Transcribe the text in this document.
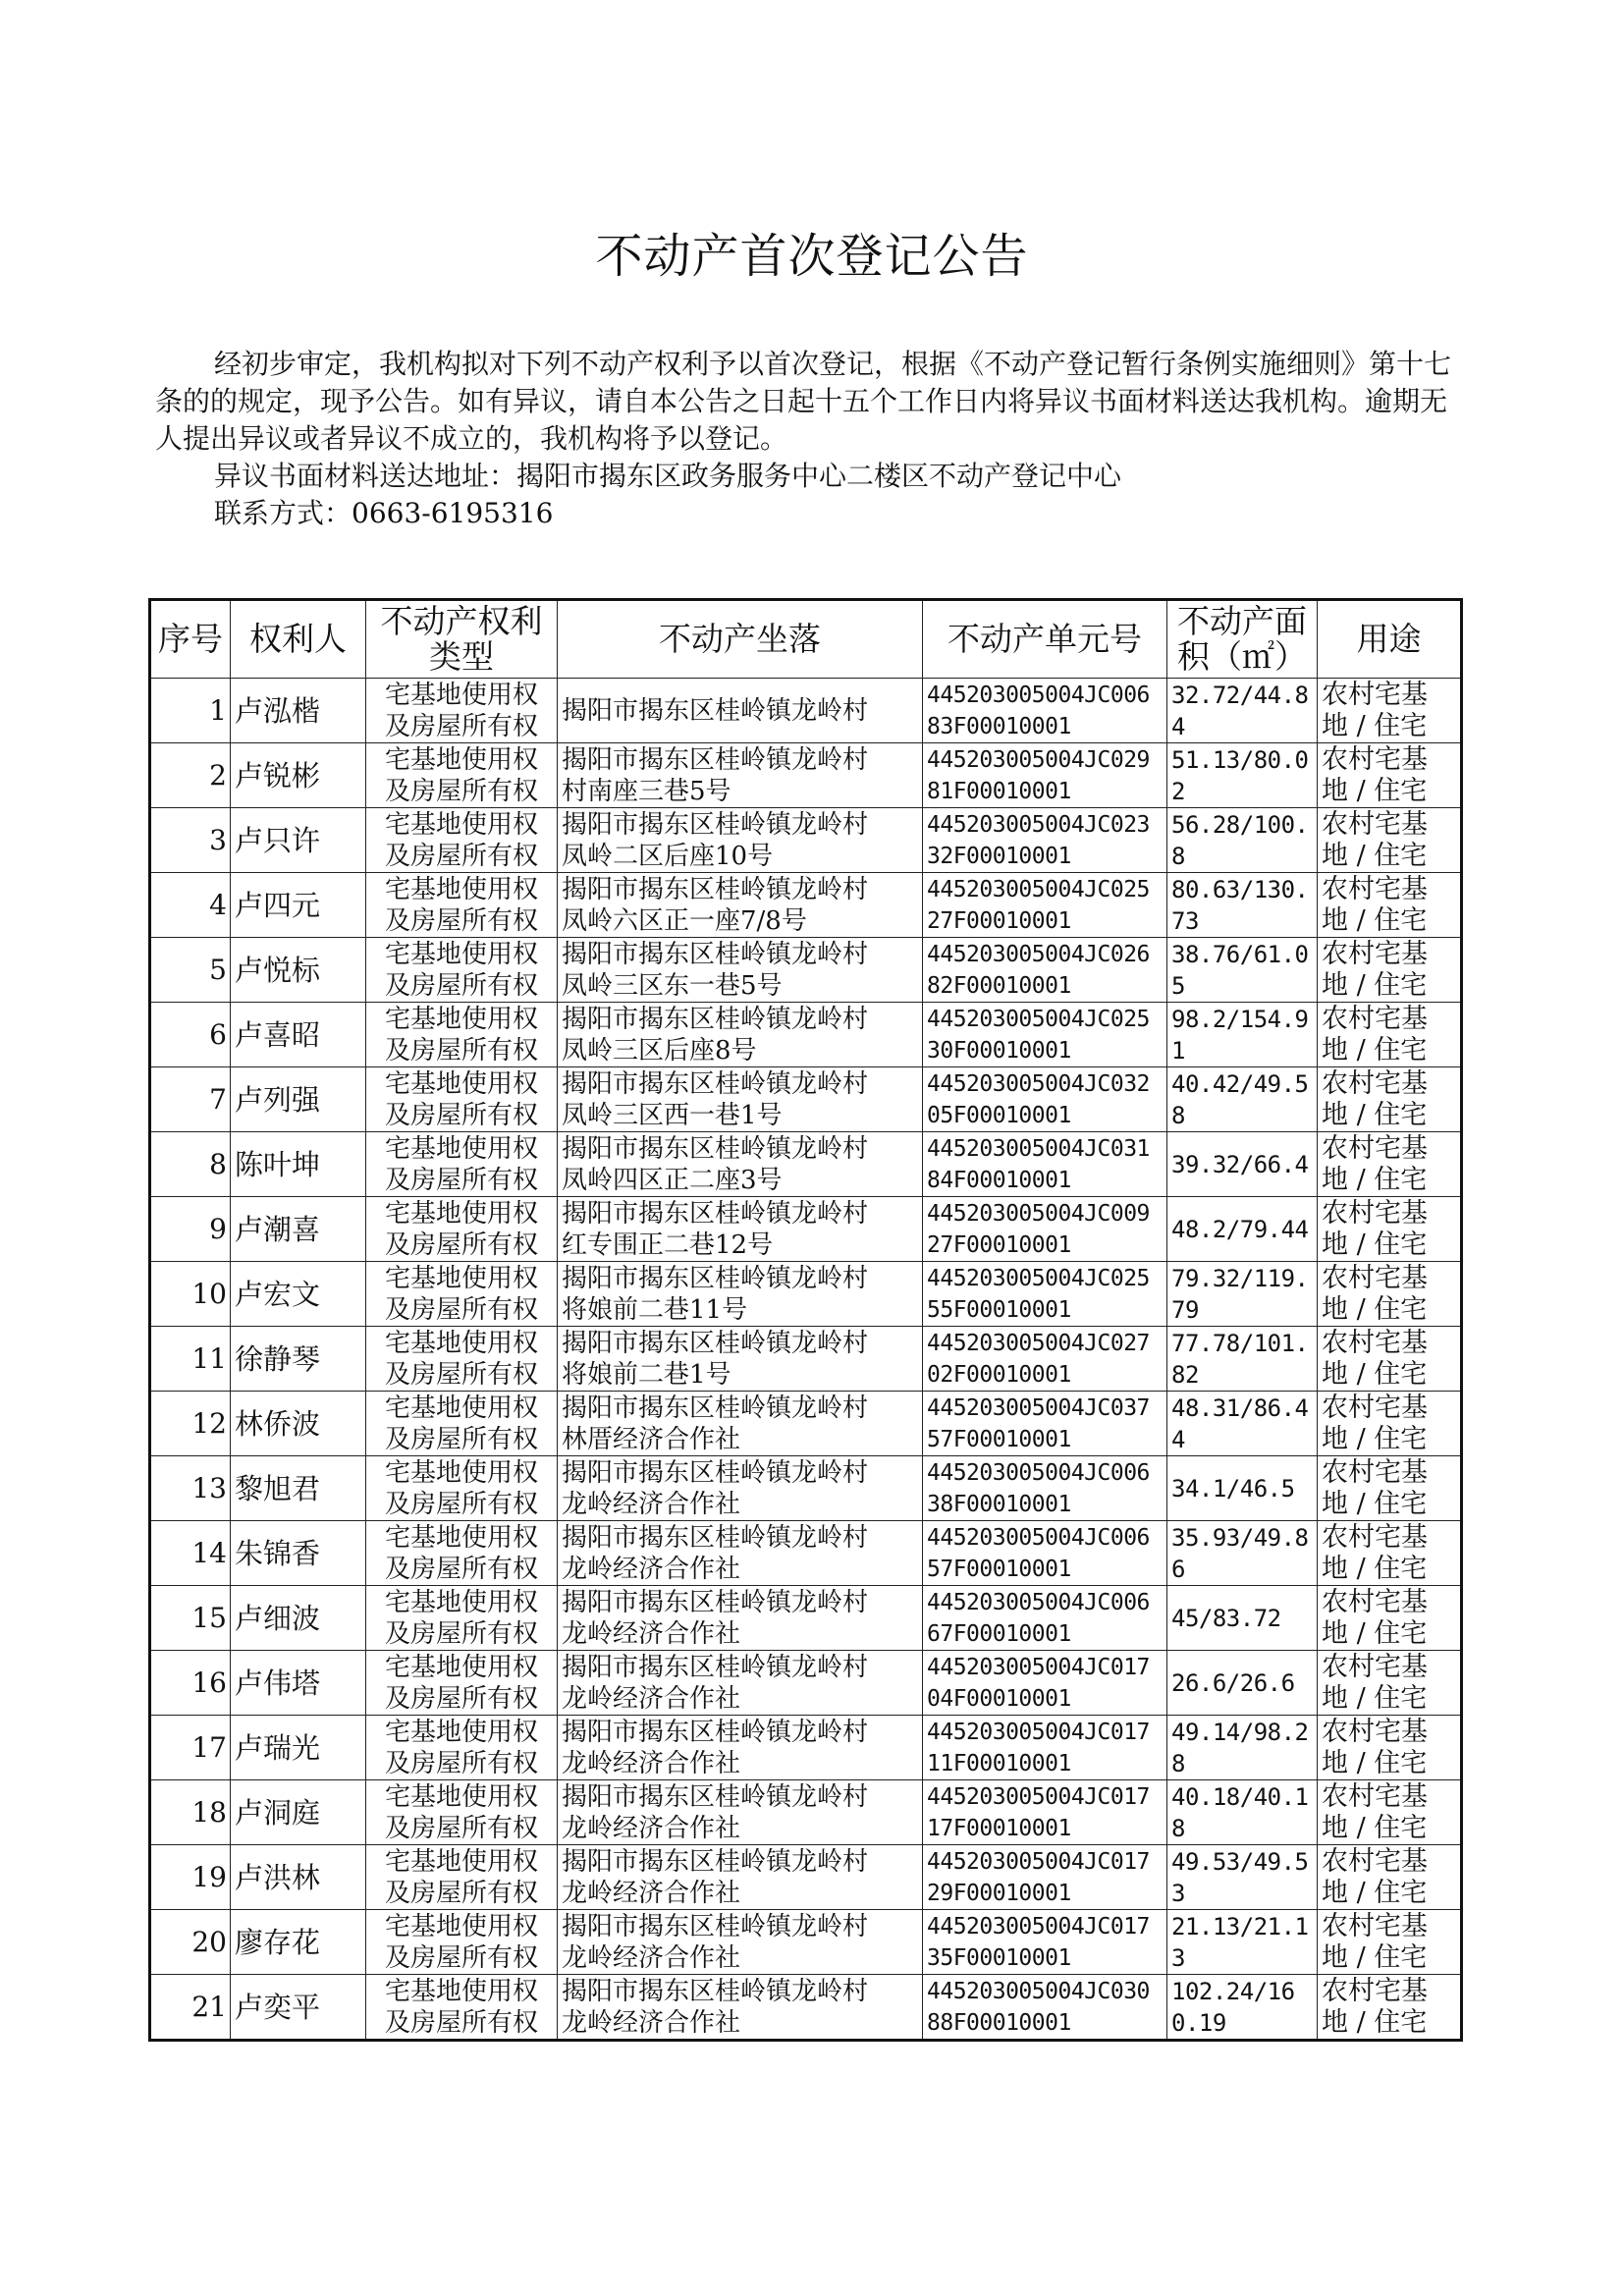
不动产首次登记公告

经初步审定，我机构拟对下列不动产权利予以首次登记，根据《不动产登记暂行条例实施细则》第十七条的的规定，现予公告。如有异议，请自本公告之日起十五个工作日内将异议书面材料送达我机构。逾期无人提出异议或者异议不成立的，我机构将予以登记。

异议书面材料送达地址：揭阳市揭东区政务服务中心二楼区不动产登记中心

联系方式：0663-6195316

序号	权利人	不动产权利类型	不动产坐落	不动产单元号	不动产面积（㎡）	用途
1	卢泓楷	宅基地使用权
及房屋所有权	揭阳市揭东区桂岭镇龙岭村	445203005004JC00683F00010001	32.72/44.84	农村宅基
地 / 住宅

2	卢锐彬	宅基地使用权
及房屋所有权	揭阳市揭东区桂岭镇龙岭村
村南座三巷5号	445203005004JC02981F00010001	51.13/80.02	农村宅基
地 / 住宅

3	卢只许	宅基地使用权
及房屋所有权	揭阳市揭东区桂岭镇龙岭村
凤岭二区后座10号	445203005004JC02332F00010001	56.28/100.8	农村宅基
地 / 住宅

4	卢四元	宅基地使用权
及房屋所有权	揭阳市揭东区桂岭镇龙岭村
凤岭六区正一座7/8号	445203005004JC02527F00010001	80.63/130.73	农村宅基
地 / 住宅

5	卢悦标	宅基地使用权
及房屋所有权	揭阳市揭东区桂岭镇龙岭村
凤岭三区东一巷5号	445203005004JC02682F00010001	38.76/61.05	农村宅基
地 / 住宅

6	卢喜昭	宅基地使用权
及房屋所有权	揭阳市揭东区桂岭镇龙岭村
凤岭三区后座8号	445203005004JC02530F00010001	98.2/154.91	农村宅基
地 / 住宅

7	卢列强	宅基地使用权
及房屋所有权	揭阳市揭东区桂岭镇龙岭村
凤岭三区西一巷1号	445203005004JC03205F00010001	40.42/49.58	农村宅基
地 / 住宅

8	陈叶坤	宅基地使用权
及房屋所有权	揭阳市揭东区桂岭镇龙岭村
凤岭四区正二座3号	445203005004JC03184F00010001	39.32/66.4	农村宅基
地 / 住宅

9	卢潮喜	宅基地使用权
及房屋所有权	揭阳市揭东区桂岭镇龙岭村
红专围正二巷12号	445203005004JC00927F00010001	48.2/79.44	农村宅基
地 / 住宅

10	卢宏文	宅基地使用权
及房屋所有权	揭阳市揭东区桂岭镇龙岭村
将娘前二巷11号	445203005004JC02555F00010001	79.32/119.79	农村宅基
地 / 住宅

11	徐静琴	宅基地使用权
及房屋所有权	揭阳市揭东区桂岭镇龙岭村
将娘前二巷1号	445203005004JC02702F00010001	77.78/101.82	农村宅基
地 / 住宅

12	林侨波	宅基地使用权
及房屋所有权	揭阳市揭东区桂岭镇龙岭村
林厝经济合作社	445203005004JC03757F00010001	48.31/86.44	农村宅基
地 / 住宅

13	黎旭君	宅基地使用权
及房屋所有权	揭阳市揭东区桂岭镇龙岭村
龙岭经济合作社	445203005004JC00638F00010001	34.1/46.5	农村宅基
地 / 住宅

14	朱锦香	宅基地使用权
及房屋所有权	揭阳市揭东区桂岭镇龙岭村
龙岭经济合作社	445203005004JC00657F00010001	35.93/49.86	农村宅基
地 / 住宅

15	卢细波	宅基地使用权
及房屋所有权	揭阳市揭东区桂岭镇龙岭村
龙岭经济合作社	445203005004JC00667F00010001	45/83.72	农村宅基
地 / 住宅

16	卢伟塔	宅基地使用权
及房屋所有权	揭阳市揭东区桂岭镇龙岭村
龙岭经济合作社	445203005004JC01704F00010001	26.6/26.6	农村宅基
地 / 住宅

17	卢瑞光	宅基地使用权
及房屋所有权	揭阳市揭东区桂岭镇龙岭村
龙岭经济合作社	445203005004JC01711F00010001	49.14/98.28	农村宅基
地 / 住宅

18	卢洞庭	宅基地使用权
及房屋所有权	揭阳市揭东区桂岭镇龙岭村
龙岭经济合作社	445203005004JC01717F00010001	40.18/40.18	农村宅基
地 / 住宅

19	卢洪林	宅基地使用权
及房屋所有权	揭阳市揭东区桂岭镇龙岭村
龙岭经济合作社	445203005004JC01729F00010001	49.53/49.53	农村宅基
地 / 住宅

20	廖存花	宅基地使用权
及房屋所有权	揭阳市揭东区桂岭镇龙岭村
龙岭经济合作社	445203005004JC01735F00010001	21.13/21.13	农村宅基
地 / 住宅

21	卢奕平	宅基地使用权
及房屋所有权	揭阳市揭东区桂岭镇龙岭村
龙岭经济合作社	445203005004JC03088F00010001	102.24/160.19	农村宅基
地 / 住宅
